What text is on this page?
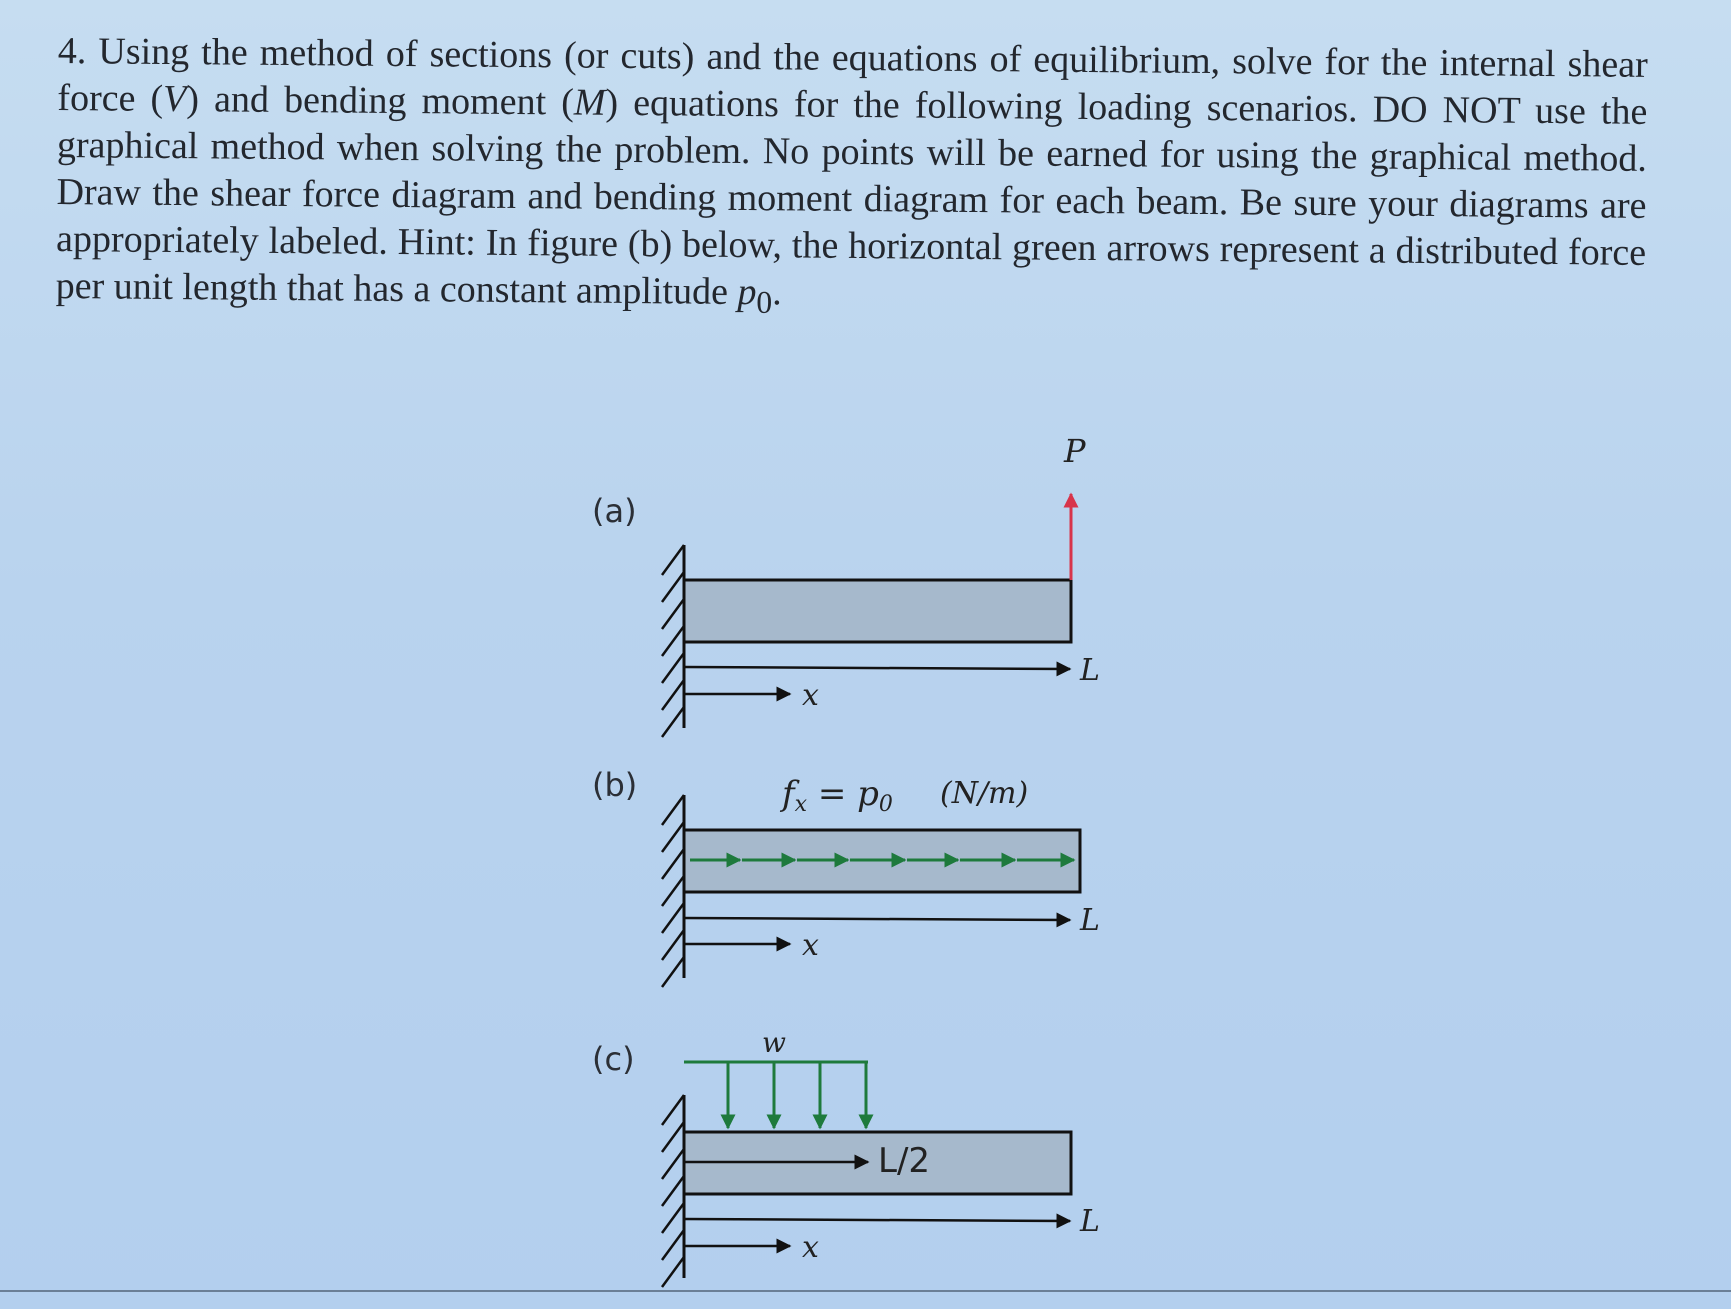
4. Using the method of sections (or cuts) and the equations of equilibrium, solve for the internal shear force (V) and bending moment (M) equations for the following loading scenarios. DO NOT use the graphical method when solving the problem. No points will be earned for using the graphical method. Draw the shear force diagram and bending moment diagram for each beam. Be sure your diagrams are appropriately labeled. Hint: In figure (b) below, the horizontal green arrows represent a distributed force per unit length that has a constant amplitude $p_0$.

(a)
(b)
(c)
P
L
x
fx = p0 (N/m)
L
x
w
L/2
L
x
